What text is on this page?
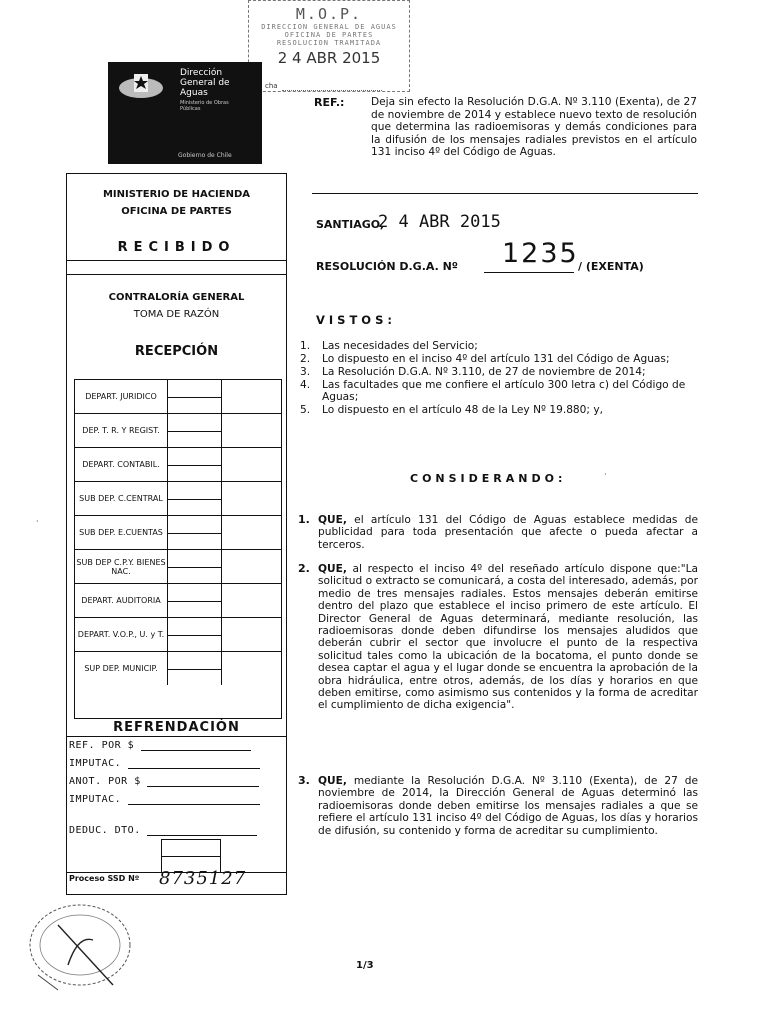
M.O.P.
DIRECCION GENERAL DE AGUAS
OFICINA DE PARTES
RESOLUCION TRAMITADA
2 4 ABR 2015
Dirección
General de
Aguas
Ministerio de Obras Públicas
Gobierno de Chile
cha
MINISTERIO DE HACIENDA
OFICINA DE PARTES
RECIBIDO
CONTRALORÍA GENERAL
TOMA DE RAZÓN
RECEPCIÓN
DEPART. JURIDICO
DEP. T. R. Y REGIST.
DEPART. CONTABIL.
SUB DEP. C.CENTRAL
SUB DEP. E.CUENTAS
SUB DEP C.P.Y. BIENES NAC.
DEPART. AUDITORIA
DEPART. V.O.P., U. y T.
SUP DEP. MUNICIP.
REFRENDACIÓN
REF. POR $
IMPUTAC.
ANOT. POR $
IMPUTAC.
DEDUC. DTO.
Proceso SSD Nº 8735127
REF.:	Deja sin efecto la Resolución D.G.A. Nº 3.110 (Exenta), de 27 de noviembre de 2014 y establece nuevo texto de resolución que determina las radioemisoras y demás condiciones para la difusión de los mensajes radiales previstos en el artículo 131 inciso 4º del Código de Aguas.
SANTIAGO,
2 4 ABR 2015
RESOLUCIÓN D.G.A. Nº 1235 / (EXENTA)
VISTOS:
1.	Las necesidades del Servicio;
2.	Lo dispuesto en el inciso 4º del artículo 131 del Código de Aguas;
3.	La Resolución D.G.A. Nº 3.110, de 27 de noviembre de 2014;
4.	Las facultades que me confiere el artículo 300 letra c) del Código de Aguas;
5.	Lo dispuesto en el artículo 48 de la Ley Nº 19.880; y,
CONSIDERANDO:
1. QUE, el artículo 131 del Código de Aguas establece medidas de publicidad para toda presentación que afecte o pueda afectar a terceros.
2. QUE, al respecto el inciso 4º del reseñado artículo dispone que:"La solicitud o extracto se comunicará, a costa del interesado, además, por medio de tres mensajes radiales. Estos mensajes deberán emitirse dentro del plazo que establece el inciso primero de este artículo. El Director General de Aguas determinará, mediante resolución, las radioemisoras donde deben difundirse los mensajes aludidos que deberán cubrir el sector que involucre el punto de la respectiva solicitud tales como la ubicación de la bocatoma, el punto donde se desea captar el agua y el lugar donde se encuentra la aprobación de la obra hidráulica, entre otros, además, de los días y horarios en que deben emitirse, como asimismo sus contenidos y la forma de acreditar el cumplimiento de dicha exigencia".
3. QUE, mediante la Resolución D.G.A. Nº 3.110 (Exenta), de 27 de noviembre de 2014, la Dirección General de Aguas determinó las radioemisoras donde deben emitirse los mensajes radiales a que se refiere el artículo 131 inciso 4º del Código de Aguas, los días y horarios de difusión, su contenido y forma de acreditar su cumplimiento.
·
·
1/3
